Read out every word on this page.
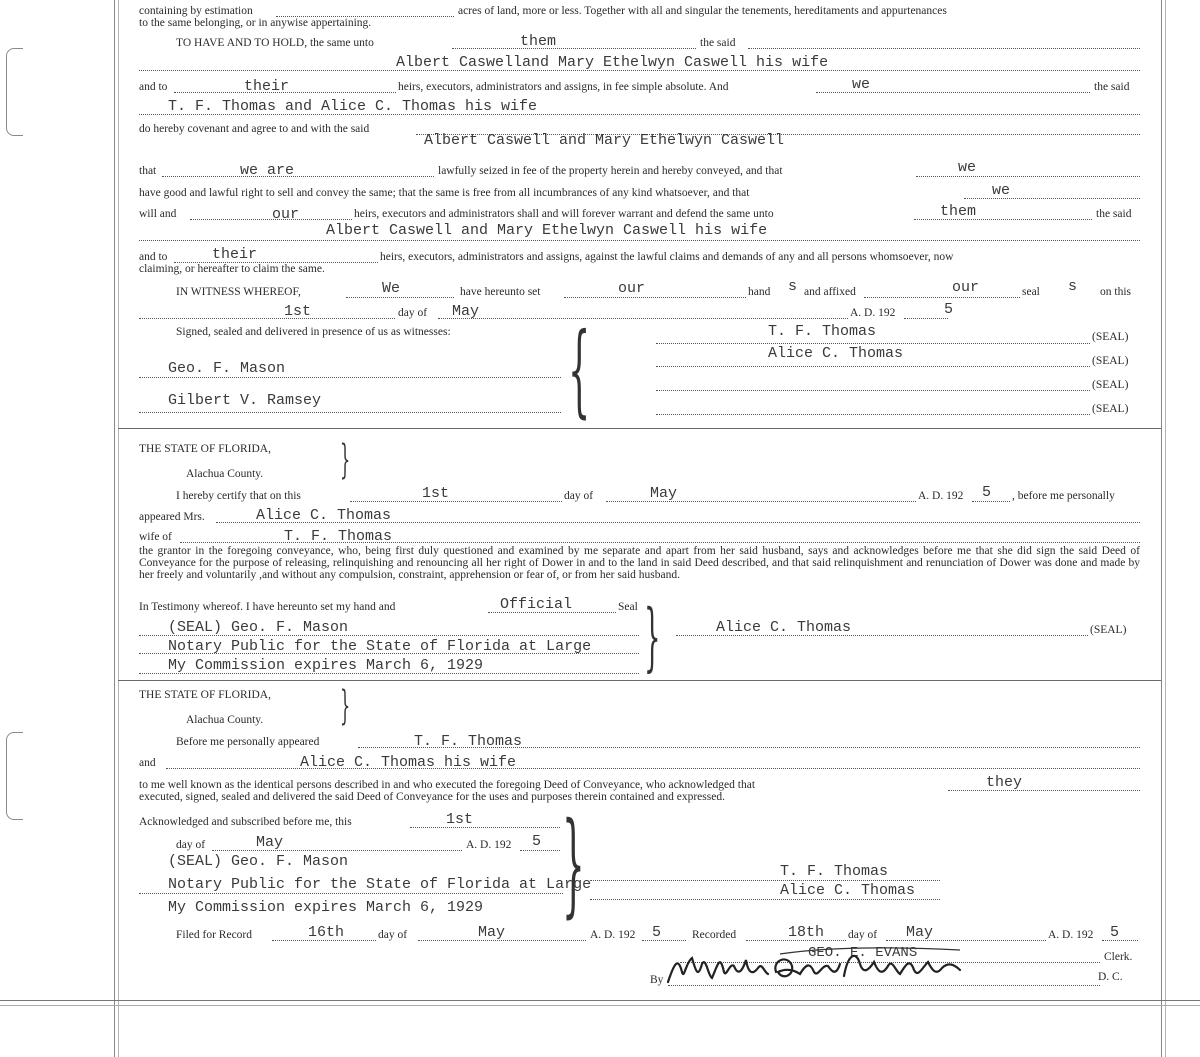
containing by estimation	acres of land, more or less. Together with all and singular the tenements, hereditaments and appurtenances
to the same belonging, or in anywise appertaining.
TO HAVE AND TO HOLD, the same unto	them	the said
Albert Caswelland Mary Ethelwyn Caswell his wife
and to	their	heirs, executors, administrators and assigns, in fee simple absolute. And	we	the said
T. F. Thomas and Alice C. Thomas his wife
do hereby covenant and agree to and with the said
Albert Caswell and Mary Ethelwyn Caswell
that	we are	lawfully seized in fee of the property herein and hereby conveyed, and that	we
have good and lawful right to sell and convey the same; that the same is free from all incumbrances of any kind whatsoever, and that	we
will and	our	heirs, executors and administrators shall and will forever warrant and defend the same unto	them	the said
Albert Caswell and Mary Ethelwyn Caswell his wife
and to	their	heirs, executors, administrators and assigns, against the lawful claims and demands of any and all persons whomsoever, now
claiming, or hereafter to claim the same.
IN WITNESS WHEREOF,	We	have hereunto set	our	hand s and affixed	our	seal s on this
1st	day of May	A. D. 192	5
Signed, sealed and delivered in presence of us as witnesses: {
Geo. F. Mason
Gilbert V. Ramsey
T. F. Thomas	(SEAL)
Alice C. Thomas	(SEAL)
(SEAL)
(SEAL)
THE STATE OF FLORIDA,
Alachua County. }
I hereby certify that on this	1st	day of	May	A. D. 192 5 , before me personally
appeared Mrs.	Alice C. Thomas
wife of	T. F. Thomas
the grantor in the foregoing conveyance, who, being first duly questioned and examined by me separate and apart from her said husband, says and acknowledges before me that she did sign the said Deed of Conveyance for the purpose of releasing, relinquishing and renouncing all her right of Dower in and to the land in said Deed described, and that said relinquishment and renunciation of Dower was done and made by her freely and voluntarily ,and without any compulsion, constraint, apprehension or fear of, or from her said husband.
In Testimony whereof. I have hereunto set my hand and	Official	Seal }
(SEAL) Geo. F. Mason
Notary Public for the State of Florida at Large
My Commission expires March 6, 1929
Alice C. Thomas	(SEAL)
THE STATE OF FLORIDA,
Alachua County. }
Before me personally appeared	T. F. Thomas
and	Alice C. Thomas his wife
to me well known as the identical persons described in and who executed the foregoing Deed of Conveyance, who acknowledged that	they
executed, signed, sealed and delivered the said Deed of Conveyance for the uses and purposes therein contained and expressed.
Acknowledged and subscribed before me, this	1st }
day of	May	A. D. 192 5
(SEAL) Geo. F. Mason
Notary Public for the State of Florida at Large
My Commission expires March 6, 1929
T. F. Thomas
Alice C. Thomas
Filed for Record	16th	day of	May	A. D. 192 5	Recorded	18th day of May	A. D. 192 5
GEO. E. EVANS	Clerk.
By	D. C.
